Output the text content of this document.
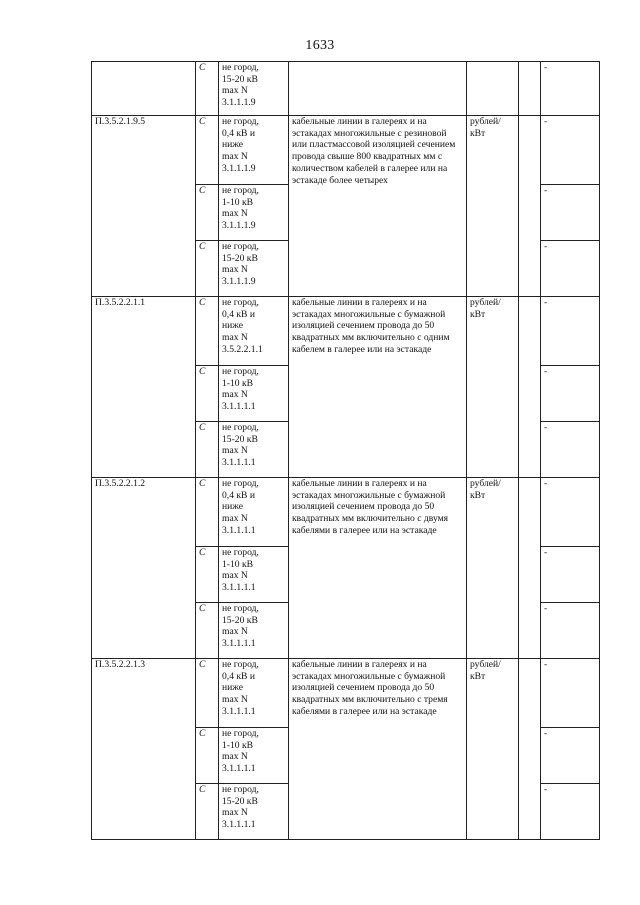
1633
	C	не город,
15-20 кВ
max N
3.1.1.1.9				-
П.3.5.2.1.9.5	C	не город,
0,4 кВ и
ниже
max N
3.1.1.1.9	кабельные линии в галереях и на эстакадах многожильные с резиновой или пластмассовой изоляцией сечением провода свыше 800 квадратных мм с количеством кабелей в галерее или на эстакаде более четырех	рублей/
кВт		-
	C	не город,
1-10 кВ
max N
3.1.1.1.9				-
	C	не город,
15-20 кВ
max N
3.1.1.1.9				-
П.3.5.2.2.1.1	C	не город,
0,4 кВ и
ниже
max N
3.5.2.2.1.1	кабельные линии в галереях и на эстакадах многожильные с бумажной изоляцией сечением провода до 50 квадратных мм включительно с одним кабелем в галерее или на эстакаде	рублей/
кВт		-
	C	не город,
1-10 кВ
max N
3.1.1.1.1				-
	C	не город,
15-20 кВ
max N
3.1.1.1.1				-
П.3.5.2.2.1.2	C	не город,
0,4 кВ и
ниже
max N
3.1.1.1.1	кабельные линии в галереях и на эстакадах многожильные с бумажной изоляцией сечением провода до 50 квадратных мм включительно с двумя кабелями в галерее или на эстакаде	рублей/
кВт		-
	C	не город,
1-10 кВ
max N
3.1.1.1.1				-
	C	не город,
15-20 кВ
max N
3.1.1.1.1				-
П.3.5.2.2.1.3	C	не город,
0,4 кВ и
ниже
max N
3.1.1.1.1	кабельные линии в галереях и на эстакадах многожильные с бумажной изоляцией сечением провода до 50 квадратных мм включительно с тремя кабелями в галерее или на эстакаде	рублей/
кВт		-
	C	не город,
1-10 кВ
max N
3.1.1.1.1				-
	C	не город,
15-20 кВ
max N
3.1.1.1.1				-
